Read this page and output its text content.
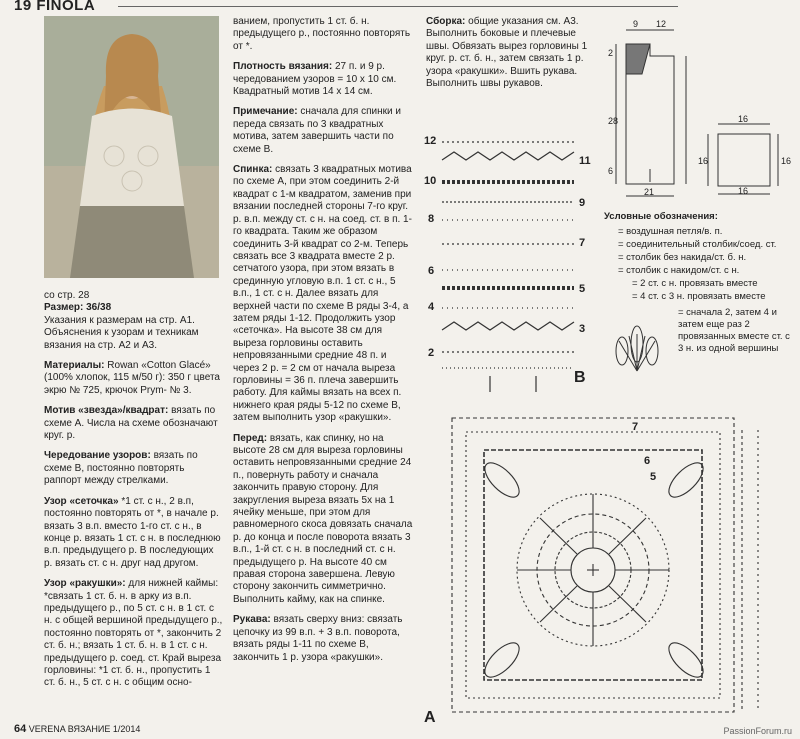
19 FINOLA

со стр. 28

Размер: 36/38

Указания к размерам на стр. А1. Объяснения к узорам и техникам вязания на стр. А2 и А3.

Материалы: Rowan «Cotton Glacé» (100% хлопок, 115 м/50 г): 350 г цвета экрю № 725, крючок Prym- № 3.

Мотив «звезда»/квадрат: вязать по схеме А. Числа на схеме обозначают круг. р.

Чередование узоров: вязать по схеме В, постоянно повторять раппорт между стрелками.

Узор «сеточка» *1 ст. с н., 2 в.п, постоянно повторять от *, в начале р. вязать 3 в.п. вместо 1-го ст. с н., в конце р. вязать 1 ст. с н. в последнюю в.п. предыдущего р. В последующих р. вязать ст. с н. друг над другом.

Узор «ракушки»: для нижней каймы: *связать 1 ст. б. н. в арку из в.п. предыдущего р., по 5 ст. с н. в 1 ст. с н. с общей вершиной предыдущего р., постоянно повторять от *, закончить 2 ст. б. н.; вязать 1 ст. б. н. в 1 ст. с н. предыдущего р. соед. ст. Край выреза горловины: *1 ст. б. н., пропустить 1 ст. б. н., 5 ст. с н. с общим осно-

ванием, пропустить 1 ст. б. н. предыдущего р., постоянно повторять от *.

Плотность вязания: 27 п. и 9 р. чередованием узоров = 10 х 10 см. Квадратный мотив 14 х 14 см.

Примечание: сначала для спинки и переда связать по 3 квадратных мотива, затем завершить части по схеме В.

Спинка: связать 3 квадратных мотива по схеме А, при этом соединить 2-й квадрат с 1-м квадратом, заменив при вязании последней стороны 7-го круг. р. в.п. между ст. с н. на соед. ст. в п. 1-го квадрата. Таким же образом соединить 3-й квадрат со 2-м. Теперь связать все 3 квадрата вместе 2 р. сетчатого узора, при этом вязать в срединную угловую в.п. 1 ст. с н., 5 в.п., 1 ст. с н. Далее вязать для верхней части по схеме В ряды 3-4, а затем ряды 1-12. Продолжить узор «сеточка». На высоте 38 см для выреза горловины оставить непровязанными средние 48 п. и через 2 р. = 2 см от начала выреза горловины = 36 п. плеча завершить работу. Для каймы вязать на всех п. нижнего края ряды 5-12 по схеме В, затем выполнить узор «ракушки».

Перед: вязать, как спинку, но на высоте 28 см для выреза горловины оставить непровязанными средние 24 п., повернуть работу и сначала закончить правую сторону. Для закругления выреза вязать 5х на 1 ячейку меньше, при этом для равномерного скоса довязать сначала р. до конца и после поворота вязать 3 в.п., 1-й ст. с н. в последний ст. с н. предыдущего р. На высоте 40 см правая сторона завершена. Левую сторону закончить симметрично. Выполнить кайму, как на спинке.

Рукава: вязать сверху вниз: связать цепочку из 99 в.п. + 3 в.п. поворота, вязать ряды 1-11 по схеме В, закончить 1 р. узора «ракушки».

Сборка: общие указания см. А3. Выполнить боковые и плечевые швы. Обвязать вырез горловины 1 круг. р. ст. б. н., затем связать 1 р. узора «ракушки». Вшить рукава. Выполнить швы рукавов.

9 12
2
28
6
21
16
16	16
16
12
10
8
7
6
4
2
11
9
5
3
B
Условные обозначения:
= воздушная петля/в. п.
= соединительный столбик/соед. ст.
= столбик без накида/ст. б. н.
= столбик с накидом/ст. с н.
= 2 ст. с н. провязать вместе
= 4 ст. с 3 н. провязать вместе
= сначала 2, затем 4 и затем еще раз 2 провязанных вместе ст. с 3 н. из одной вершины
7
6
5
A
64 VERENA ВЯЗАНИЕ 1/2014	PassionForum.ru
